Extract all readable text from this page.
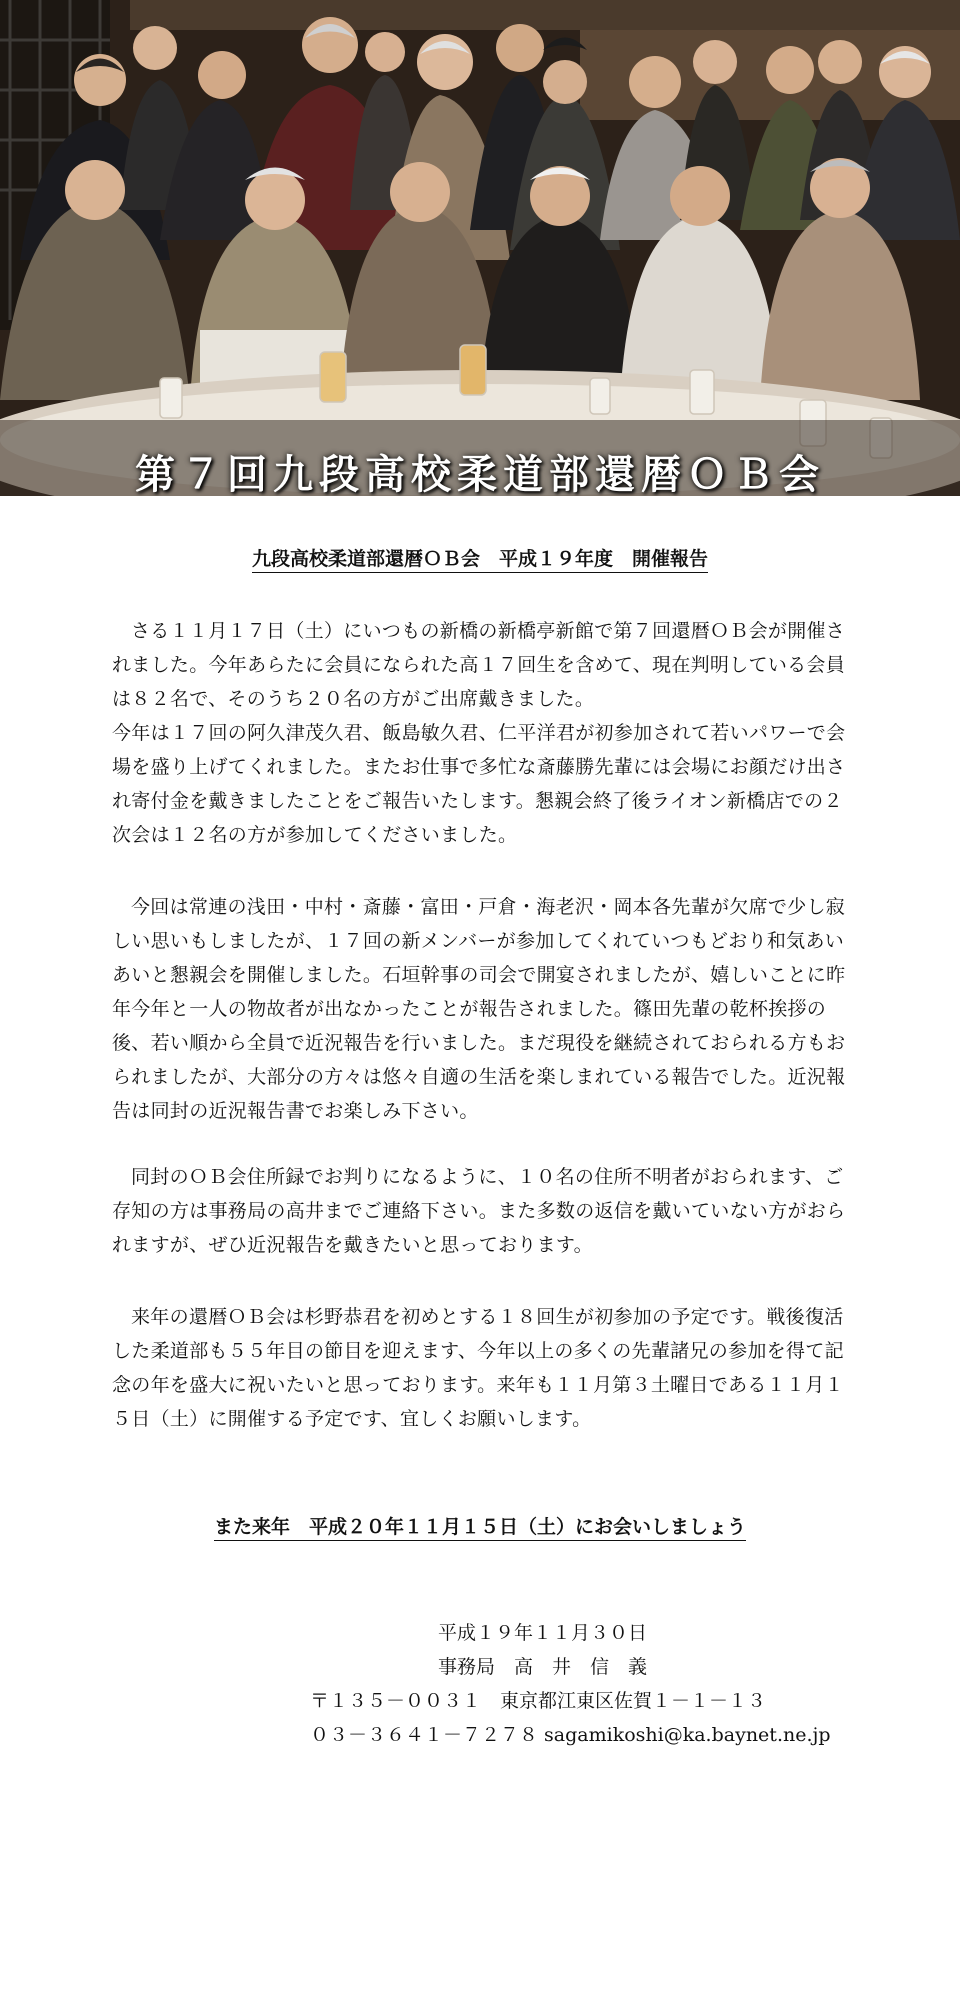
第７回九段高校柔道部還暦ＯＢ会
九段高校柔道部還暦ＯＢ会　平成１９年度　開催報告

さる１１月１７日（土）にいつもの新橋の新橋亭新館で第７回還暦ＯＢ会が開催されました。今年あらたに会員になられた高１７回生を含めて、現在判明している会員は８２名で、そのうち２０名の方がご出席戴きました。

今年は１７回の阿久津茂久君、飯島敏久君、仁平洋君が初参加されて若いパワーで会場を盛り上げてくれました。またお仕事で多忙な斎藤勝先輩には会場にお顔だけ出され寄付金を戴きましたことをご報告いたします。懇親会終了後ライオン新橋店での２次会は１２名の方が参加してくださいました。

今回は常連の浅田・中村・斎藤・富田・戸倉・海老沢・岡本各先輩が欠席で少し寂しい思いもしましたが、１７回の新メンバーが参加してくれていつもどおり和気あいあいと懇親会を開催しました。石垣幹事の司会で開宴されましたが、嬉しいことに昨年今年と一人の物故者が出なかったことが報告されました。篠田先輩の乾杯挨拶の後、若い順から全員で近況報告を行いました。まだ現役を継続されておられる方もおられましたが、大部分の方々は悠々自適の生活を楽しまれている報告でした。近況報告は同封の近況報告書でお楽しみ下さい。

同封のＯＢ会住所録でお判りになるように、１０名の住所不明者がおられます、ご存知の方は事務局の高井までご連絡下さい。また多数の返信を戴いていない方がおられますが、ぜひ近況報告を戴きたいと思っております。

来年の還暦ＯＢ会は杉野恭君を初めとする１８回生が初参加の予定です。戦後復活した柔道部も５５年目の節目を迎えます、今年以上の多くの先輩諸兄の参加を得て記念の年を盛大に祝いたいと思っております。来年も１１月第３土曜日である１１月１５日（土）に開催する予定です、宜しくお願いします。

また来年　平成２０年１１月１５日（土）にお会いしましょう
平成１９年１１月３０日
事務局　高　井　信　義
〒１３５－００３１　東京都江東区佐賀１－１－１３
０３－３６４１－７２７８ sagamikoshi@ka.baynet.ne.jp
